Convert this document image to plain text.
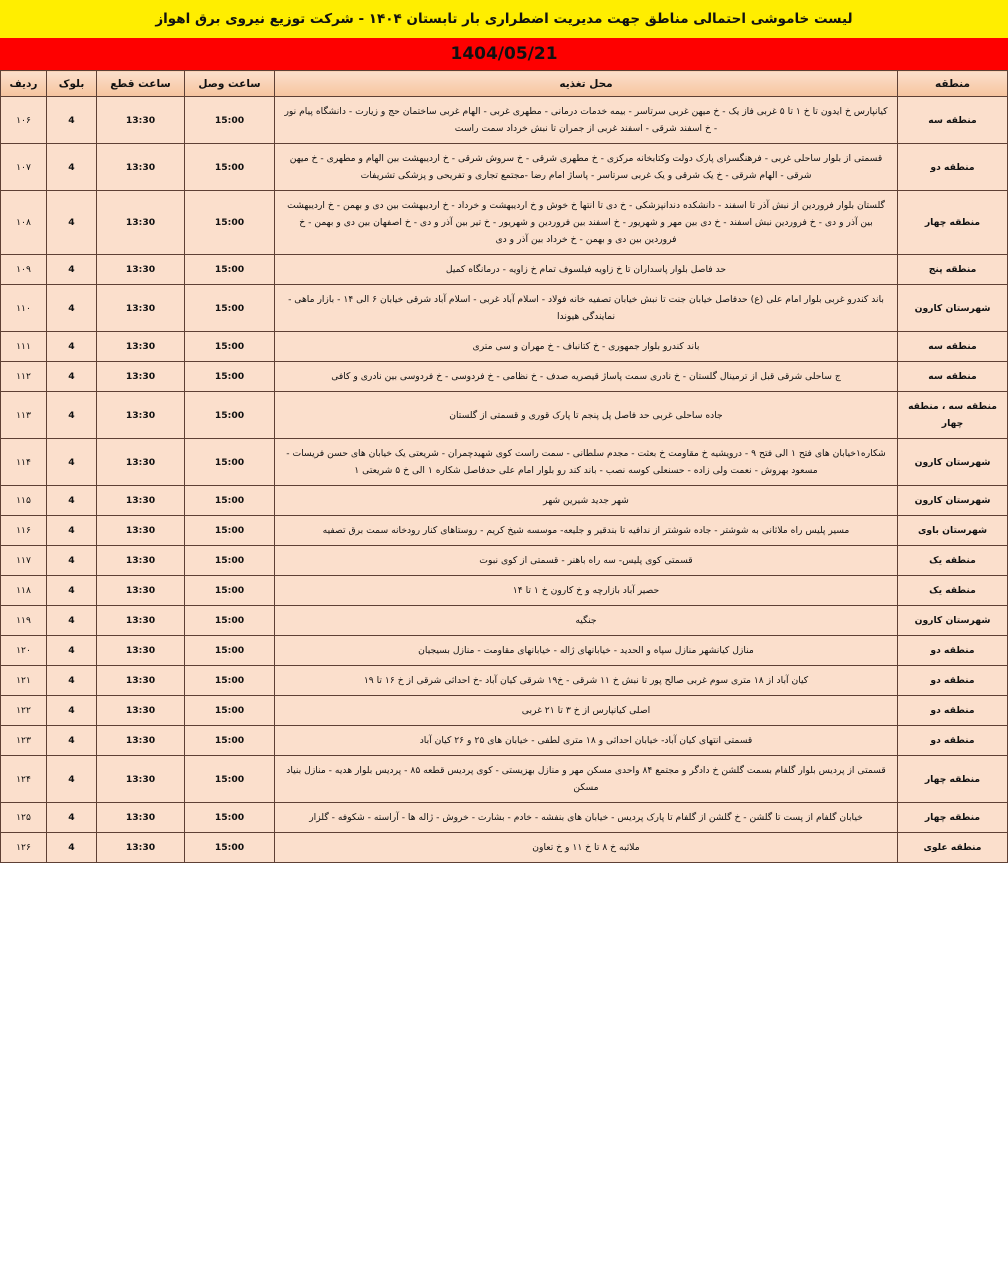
لیست خاموشی احتمالی مناطق جهت مدیریت اضطراری بار تابستان ۱۴۰۴ - شرکت توزیع نیروی برق اهواز
1404/05/21
منطقه	محل تغذیه	ساعت وصل	ساعت قطع	بلوک	ردیف
منطقه سه	کیانپارس خ ایدون تا خ ۱ تا ۵ غربی فاز یک - خ میهن غربی سرتاسر - بیمه خدمات درمانی - مطهری غربی - الهام غربی ساختمان حج و زیارت - دانشگاه پیام نور - خ اسفند شرقی - اسفند غربی از جمران تا نبش خرداد سمت راست	15:00	13:30	4	۱۰۶
منطقه دو	قسمتی از بلوار ساحلی غربی - فرهنگسرای پارک دولت وکتابخانه مرکزی - خ مطهری شرقی - خ سروش شرقی - خ اردیبهشت بین الهام و مطهری - خ میهن شرقی - الهام شرقی - خ یک شرقی و یک غربی سرتاسر - پاساژ امام رضا -مجتمع تجاری و تفریحی و پزشکی تشریفات	15:00	13:30	4	۱۰۷
منطقه چهار	گلستان بلوار فروردین از نبش آذر تا اسفند - دانشکده دندانپزشکی - خ دی تا انتها خ خوش و خ اردیبهشت و خرداد - خ اردیبهشت بین دی و بهمن - خ اردیبهشت بین آذر و دی - خ فروردین نبش اسفند - خ دی بین مهر و شهریور - خ اسفند بین فروردین و شهریور - خ تیر بین آذر و دی - خ اصفهان بین دی و بهمن - خ فروردین بین دی و بهمن - خ خرداد بین آذر و دی	15:00	13:30	4	۱۰۸
منطقه پنج	حد فاصل بلوار پاسداران تا خ زاویه فیلسوف تمام خ زاویه - درمانگاه کمیل	15:00	13:30	4	۱۰۹
شهرستان کارون	باند کندرو غربی بلوار امام علی (ع) حدفاصل خیابان جنت تا نبش خیابان تصفیه خانه فولاد - اسلام آباد غربی - اسلام آباد شرقی خیابان ۶ الی ۱۴ - بازار ماهی - نمایندگی هیوندا	15:00	13:30	4	۱۱۰
منطقه سه	باند کندرو بلوار جمهوری - خ کتانباف - خ مهران و سی متری	15:00	13:30	4	۱۱۱
منطقه سه	ج ساحلی شرقی قبل از ترمینال گلستان - خ نادری سمت پاساژ قیصریه صدف - خ نظامی - خ فردوسی - خ فردوسی بین نادری و کافی	15:00	13:30	4	۱۱۲
منطقه سه ، منطقه چهار	جاده ساحلی غربی حد فاصل پل پنجم تا پارک قوری و قسمتی از گلستان	15:00	13:30	4	۱۱۳
شهرستان کارون	شکاره۱خیابان های فتح ۱ الی فتح ۹ - درویشیه خ مقاومت خ بعثت - مجدم سلطانی - سمت راست کوی شهیدچمران - شریعتی یک خیابان های حسن فریسات - مسعود بهروش - نعمت ولی زاده - حسنعلی کوسه نصب - باند کند رو بلوار امام علی حدفاصل شکاره ۱ الی خ ۵ شریعتی ۱	15:00	13:30	4	۱۱۴
شهرستان کارون	شهر جدید شیرین شهر	15:00	13:30	4	۱۱۵
شهرستان باوی	مسیر پلیس راه ملاثانی به شوشتر - جاده شوشتر از ندافیه تا بندقیر و جلیعه- موسسه شیخ کریم - روستاهای کنار رودخانه سمت برق تصفیه	15:00	13:30	4	۱۱۶
منطقه یک	قسمتی کوی پلیس- سه راه باهنر - قسمتی از کوی نبوت	15:00	13:30	4	۱۱۷
منطقه یک	حصیر آباد بازارچه و خ کارون خ ۱ تا ۱۴	15:00	13:30	4	۱۱۸
شهرستان کارون	جنگیه	15:00	13:30	4	۱۱۹
منطقه دو	منازل کیانشهر منازل سپاه و الحدید - خیابانهای ژاله - خیابانهای مقاومت - منازل بسیجیان	15:00	13:30	4	۱۲۰
منطقه دو	کیان آباد از ۱۸ متری سوم غربی صالح پور تا نبش خ ۱۱ شرقی - خ۱۹ شرقی کیان آباد -خ احداثی شرقی از خ ۱۶ تا ۱۹	15:00	13:30	4	۱۲۱
منطقه دو	اصلی کیانپارس از خ ۳ تا ۲۱ غربی	15:00	13:30	4	۱۲۲
منطقه دو	قسمتی انتهای کیان آباد- خیابان احداثی و ۱۸ متری لطفی - خیابان های ۲۵ و ۲۶ کیان آباد	15:00	13:30	4	۱۲۳
منطقه چهار	قسمتی از پردیس بلوار گلفام بسمت گلشن خ دادگر و مجتمع ۸۴ واحدی مسکن مهر و منازل بهزیستی - کوی پردیس قطعه ۸۵ - پردیس بلوار هدیه - منازل بنیاد مسکن	15:00	13:30	4	۱۲۴
منطقه چهار	خیابان گلفام از پست تا گلشن - خ گلشن از گلفام تا پارک پردیس - خیابان های بنفشه - خادم - بشارت - خروش - ژاله ها - آراسته - شکوفه - گلزار	15:00	13:30	4	۱۲۵
منطقه علوی	ملاثبه خ ۸ تا خ ۱۱ و خ تعاون	15:00	13:30	4	۱۲۶
